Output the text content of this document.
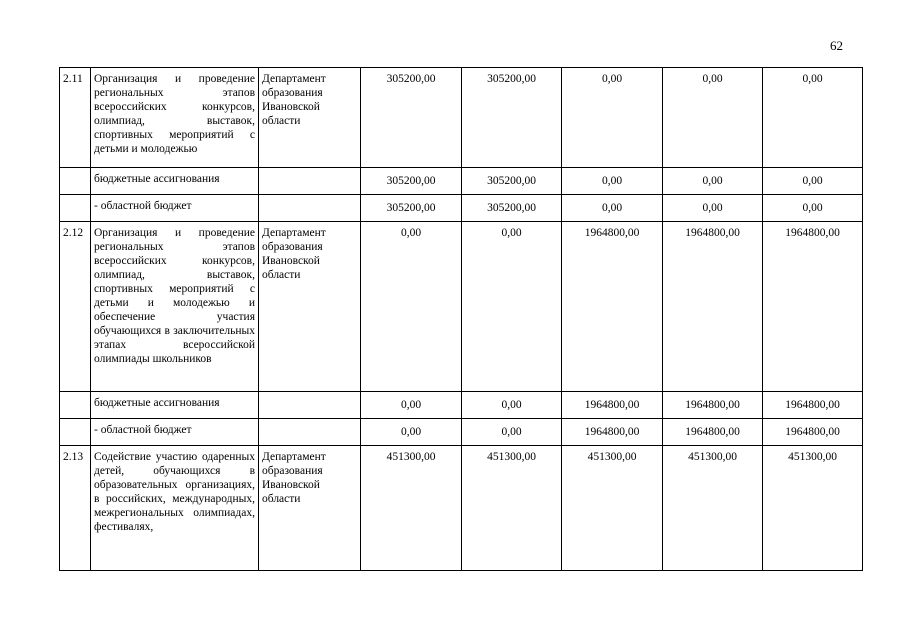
62
2.11	Организация и проведение региональных этапов всероссийских конкурсов, олимпиад, выставок, спортивных мероприятий с детьми и молодежью	Департамент образования Ивановской области	305200,00	305200,00	0,00	0,00	0,00
	бюджетные ассигнования		305200,00	305200,00	0,00	0,00	0,00
	- областной бюджет		305200,00	305200,00	0,00	0,00	0,00
2.12	Организация и проведение региональных этапов всероссийских конкурсов, олимпиад, выставок, спортивных мероприятий с детьми и молодежью и обеспечение участия обучающихся в заключительных этапах всероссийской олимпиады школьников	Департамент образования Ивановской области	0,00	0,00	1964800,00	1964800,00	1964800,00
	бюджетные ассигнования		0,00	0,00	1964800,00	1964800,00	1964800,00
	- областной бюджет		0,00	0,00	1964800,00	1964800,00	1964800,00
2.13	Содействие участию одаренных детей, обучающихся в образовательных организациях, в российских, международных, межрегиональных олимпиадах, фестивалях,	Департамент образования Ивановской области	451300,00	451300,00	451300,00	451300,00	451300,00
